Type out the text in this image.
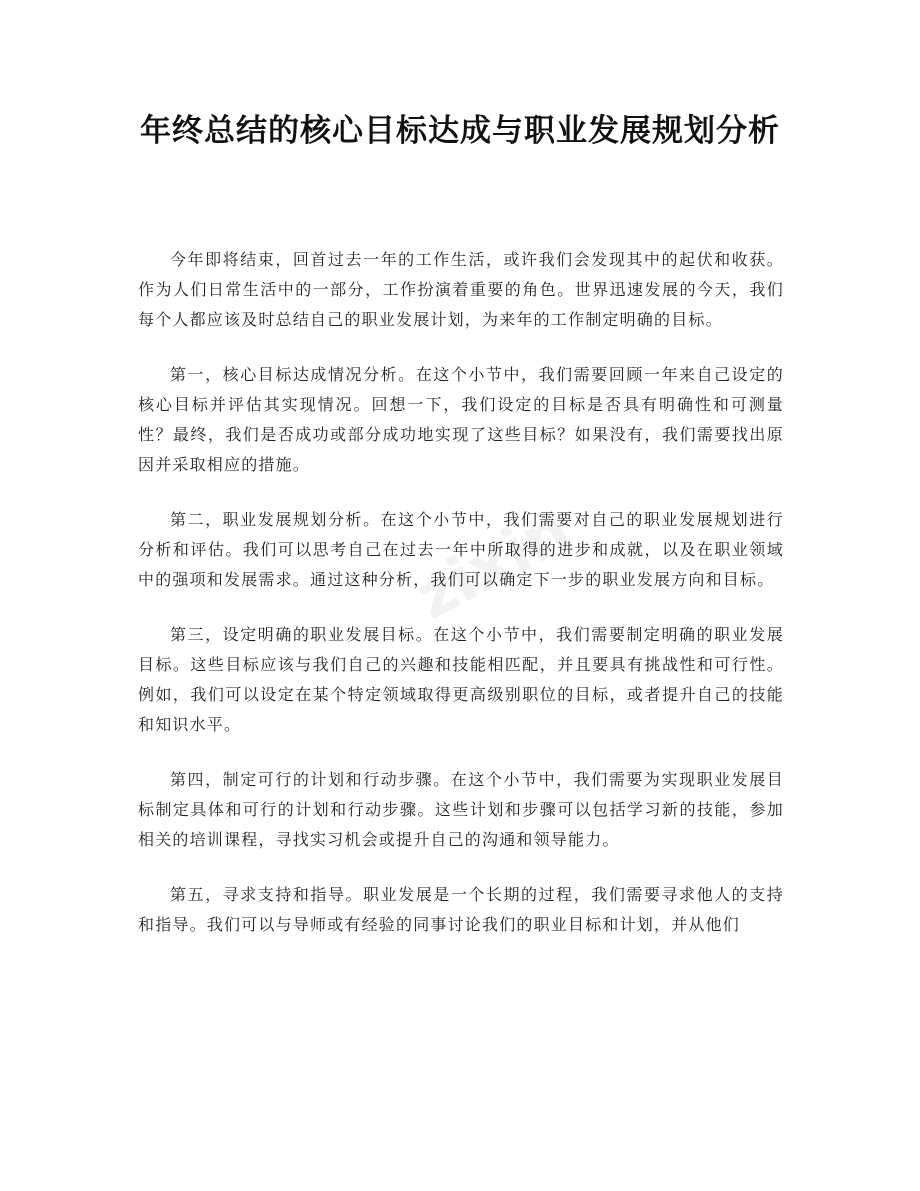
年终总结的核心目标达成与职业发展规划分析
zixin

今年即将结束，回首过去一年的工作生活，或许我们会发现其中的起伏和收获。作为人们日常生活中的一部分，工作扮演着重要的角色。世界迅速发展的今天，我们每个人都应该及时总结自己的职业发展计划，为来年的工作制定明确的目标。

第一，核心目标达成情况分析。在这个小节中，我们需要回顾一年来自己设定的核心目标并评估其实现情况。回想一下，我们设定的目标是否具有明确性和可测量性？最终，我们是否成功或部分成功地实现了这些目标？如果没有，我们需要找出原因并采取相应的措施。

第二，职业发展规划分析。在这个小节中，我们需要对自己的职业发展规划进行分析和评估。我们可以思考自己在过去一年中所取得的进步和成就，以及在职业领域中的强项和发展需求。通过这种分析，我们可以确定下一步的职业发展方向和目标。

第三，设定明确的职业发展目标。在这个小节中，我们需要制定明确的职业发展目标。这些目标应该与我们自己的兴趣和技能相匹配，并且要具有挑战性和可行性。例如，我们可以设定在某个特定领域取得更高级别职位的目标，或者提升自己的技能和知识水平。

第四，制定可行的计划和行动步骤。在这个小节中，我们需要为实现职业发展目标制定具体和可行的计划和行动步骤。这些计划和步骤可以包括学习新的技能，参加相关的培训课程，寻找实习机会或提升自己的沟通和领导能力。

第五，寻求支持和指导。职业发展是一个长期的过程，我们需要寻求他人的支持和指导。我们可以与导师或有经验的同事讨论我们的职业目标和计划，并从他们
